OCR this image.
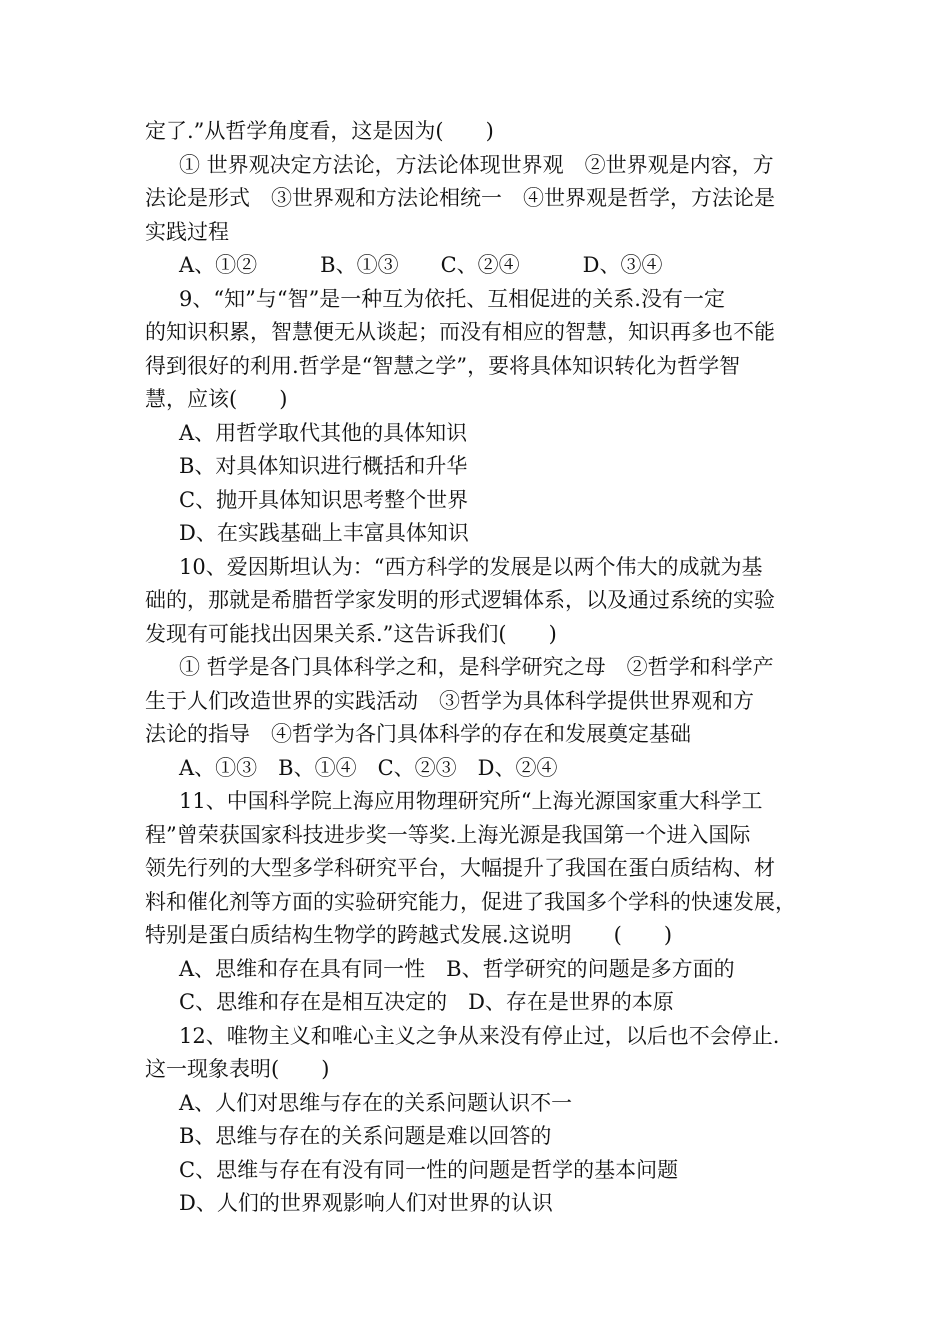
定了.”从哲学角度看，这是因为(　　)
① 世界观决定方法论，方法论体现世界观　②世界观是内容，方
法论是形式　③世界观和方法论相统一　④世界观是哲学，方法论是
实践过程
A、①②　　　B、①③　　C、②④　　　D、③④
9、“知”与“智”是一种互为依托、互相促进的关系.没有一定
的知识积累，智慧便无从谈起；而没有相应的智慧，知识再多也不能
得到很好的利用.哲学是“智慧之学”，要将具体知识转化为哲学智
慧，应该(　　)
A、用哲学取代其他的具体知识
B、对具体知识进行概括和升华
C、抛开具体知识思考整个世界
D、在实践基础上丰富具体知识
10、爱因斯坦认为：“西方科学的发展是以两个伟大的成就为基
础的，那就是希腊哲学家发明的形式逻辑体系，以及通过系统的实验
发现有可能找出因果关系.”这告诉我们(　　)
① 哲学是各门具体科学之和，是科学研究之母　②哲学和科学产
生于人们改造世界的实践活动　③哲学为具体科学提供世界观和方
法论的指导　④哲学为各门具体科学的存在和发展奠定基础
A、①③　B、①④　C、②③　D、②④
11、中国科学院上海应用物理研究所“上海光源国家重大科学工
程”曾荣获国家科技进步奖一等奖.上海光源是我国第一个进入国际
领先行列的大型多学科研究平台，大幅提升了我国在蛋白质结构、材
料和催化剂等方面的实验研究能力，促进了我国多个学科的快速发展，
特别是蛋白质结构生物学的跨越式发展.这说明　　(　　)
A、思维和存在具有同一性　B、哲学研究的问题是多方面的
C、思维和存在是相互决定的　D、存在是世界的本原
12、唯物主义和唯心主义之争从来没有停止过，以后也不会停止.
这一现象表明(　　)
A、人们对思维与存在的关系问题认识不一
B、思维与存在的关系问题是难以回答的
C、思维与存在有没有同一性的问题是哲学的基本问题
D、人们的世界观影响人们对世界的认识
